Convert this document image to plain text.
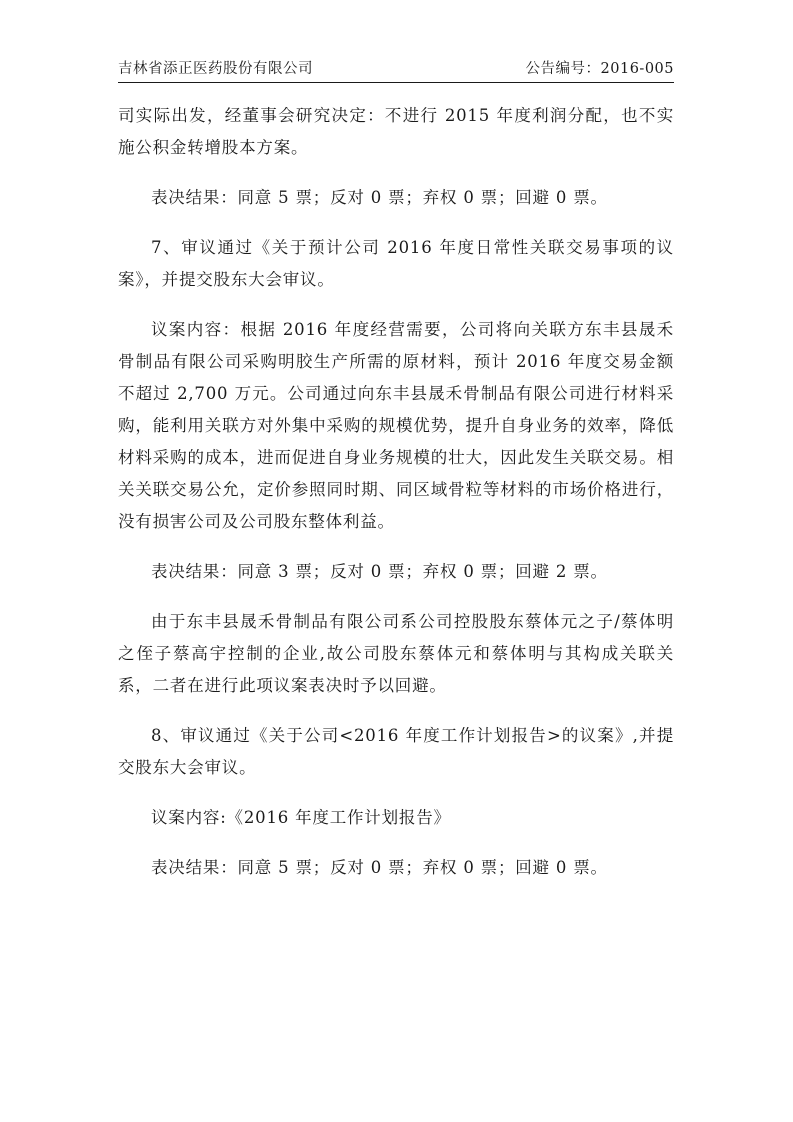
吉林省添正医药股份有限公司	公告编号：2016-005

司实际出发，经董事会研究决定：不进行 2015 年度利润分配，也不实施公积金转增股本方案。

表决结果：同意 5 票；反对 0 票；弃权 0 票；回避 0 票。

7、审议通过《关于预计公司 2016 年度日常性关联交易事项的议案》，并提交股东大会审议。

议案内容：根据 2016 年度经营需要，公司将向关联方东丰县晟禾骨制品有限公司采购明胶生产所需的原材料，预计 2016 年度交易金额不超过 2,700 万元。公司通过向东丰县晟禾骨制品有限公司进行材料采购，能利用关联方对外集中采购的规模优势，提升自身业务的效率，降低材料采购的成本，进而促进自身业务规模的壮大，因此发生关联交易。相关关联交易公允，定价参照同时期、同区域骨粒等材料的市场价格进行，没有损害公司及公司股东整体利益。

表决结果：同意 3 票；反对 0 票；弃权 0 票；回避 2 票。

由于东丰县晟禾骨制品有限公司系公司控股股东蔡体元之子/蔡体明之侄子蔡高宇控制的企业,故公司股东蔡体元和蔡体明与其构成关联关系，二者在进行此项议案表决时予以回避。

8、审议通过《关于公司<2016 年度工作计划报告>的议案》,并提交股东大会审议。

议案内容:《2016 年度工作计划报告》

表决结果：同意 5 票；反对 0 票；弃权 0 票；回避 0 票。
